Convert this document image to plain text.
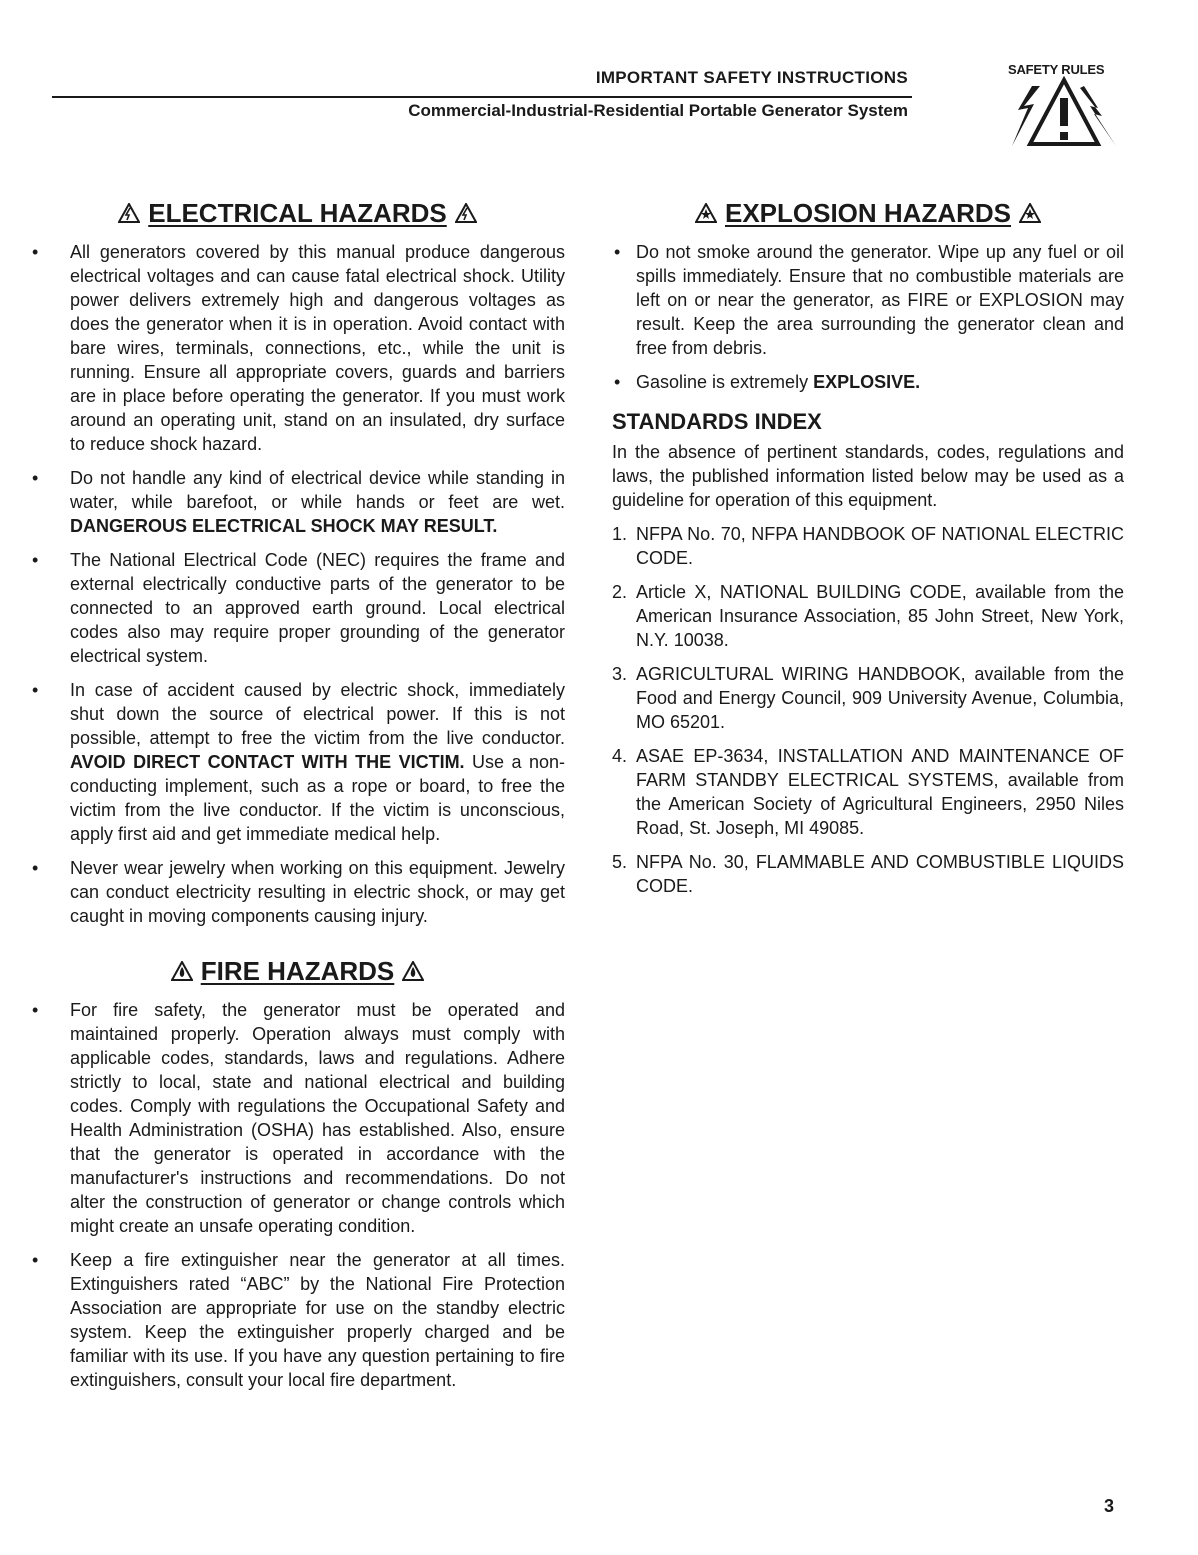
IMPORTANT SAFETY INSTRUCTIONS
Commercial-Industrial-Residential Portable Generator System
SAFETY RULES
ELECTRICAL HAZARDS
• All generators covered by this manual produce dangerous electrical voltages and can cause fatal electrical shock. Utility power delivers extremely high and dangerous voltages as does the generator when it is in operation. Avoid contact with bare wires, terminals, connections, etc., while the unit is running. Ensure all appropriate covers, guards and barriers are in place before operating the generator. If you must work around an operating unit, stand on an insulated, dry surface to reduce shock hazard.
• Do not handle any kind of electrical device while standing in water, while barefoot, or while hands or feet are wet. DANGEROUS ELECTRICAL SHOCK MAY RESULT.
• The National Electrical Code (NEC) requires the frame and external electrically conductive parts of the generator to be connected to an approved earth ground. Local electrical codes also may require proper grounding of the generator electrical system.
• In case of accident caused by electric shock, immediately shut down the source of electrical power. If this is not possible, attempt to free the victim from the live conductor. AVOID DIRECT CONTACT WITH THE VICTIM. Use a non-conducting implement, such as a rope or board, to free the victim from the live conductor. If the victim is unconscious, apply first aid and get immediate medical help.
• Never wear jewelry when working on this equipment. Jewelry can conduct electricity resulting in electric shock, or may get caught in moving components causing injury.
FIRE HAZARDS
• For fire safety, the generator must be operated and maintained properly. Operation always must comply with applicable codes, standards, laws and regulations. Adhere strictly to local, state and national electrical and building codes. Comply with regulations the Occupational Safety and Health Administration (OSHA) has established. Also, ensure that the generator is operated in accordance with the manufacturer's instructions and recommendations. Do not alter the construction of generator or change controls which might create an unsafe operating condition.
• Keep a fire extinguisher near the generator at all times. Extinguishers rated “ABC” by the National Fire Protection Association are appropriate for use on the standby electric system. Keep the extinguisher properly charged and be familiar with its use. If you have any question pertaining to fire extinguishers, consult your local fire department.
EXPLOSION HAZARDS
• Do not smoke around the generator. Wipe up any fuel or oil spills immediately. Ensure that no combustible materials are left on or near the generator, as FIRE or EXPLOSION may result. Keep the area surrounding the generator clean and free from debris.
• Gasoline is extremely EXPLOSIVE.
STANDARDS INDEX
In the absence of pertinent standards, codes, regulations and laws, the published information listed below may be used as a guideline for operation of this equipment.
1. NFPA No. 70, NFPA HANDBOOK OF NATIONAL ELECTRIC CODE.
2. Article X, NATIONAL BUILDING CODE, available from the American Insurance Association, 85 John Street, New York, N.Y. 10038.
3. AGRICULTURAL WIRING HANDBOOK, available from the Food and Energy Council, 909 University Avenue, Columbia, MO 65201.
4. ASAE EP-3634, INSTALLATION AND MAINTENANCE OF FARM STANDBY ELECTRICAL SYSTEMS, available from the American Society of Agricultural Engineers, 2950 Niles Road, St. Joseph, MI 49085.
5. NFPA No. 30, FLAMMABLE AND COMBUSTIBLE LIQUIDS CODE.
3
